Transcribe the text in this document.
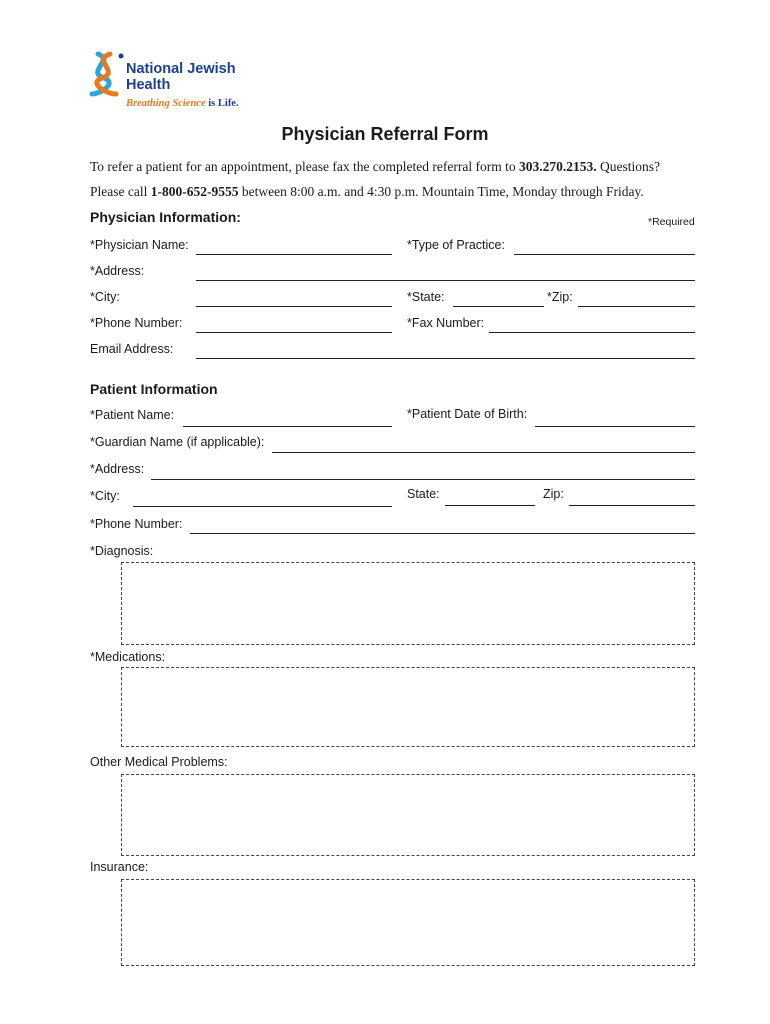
National Jewish
Health
Breathing Science is Life.
Physician Referral Form
To refer a patient for an appointment, please fax the completed referral form to 303.270.2153. Questions?
Please call 1-800-652-9555 between 8:00 a.m. and 4:30 p.m. Mountain Time, Monday through Friday.
Physician Information:	*Required
*Physician Name:	*Type of Practice:
*Address:
*City:	*State:	*Zip:
*Phone Number:	*Fax Number:
Email Address:
Patient Information
*Patient Name:	*Patient Date of Birth:
*Guardian Name (if applicable):
*Address:
*City:	State:	Zip:
*Phone Number:
*Diagnosis:
*Medications:
Other Medical Problems:
Insurance:
